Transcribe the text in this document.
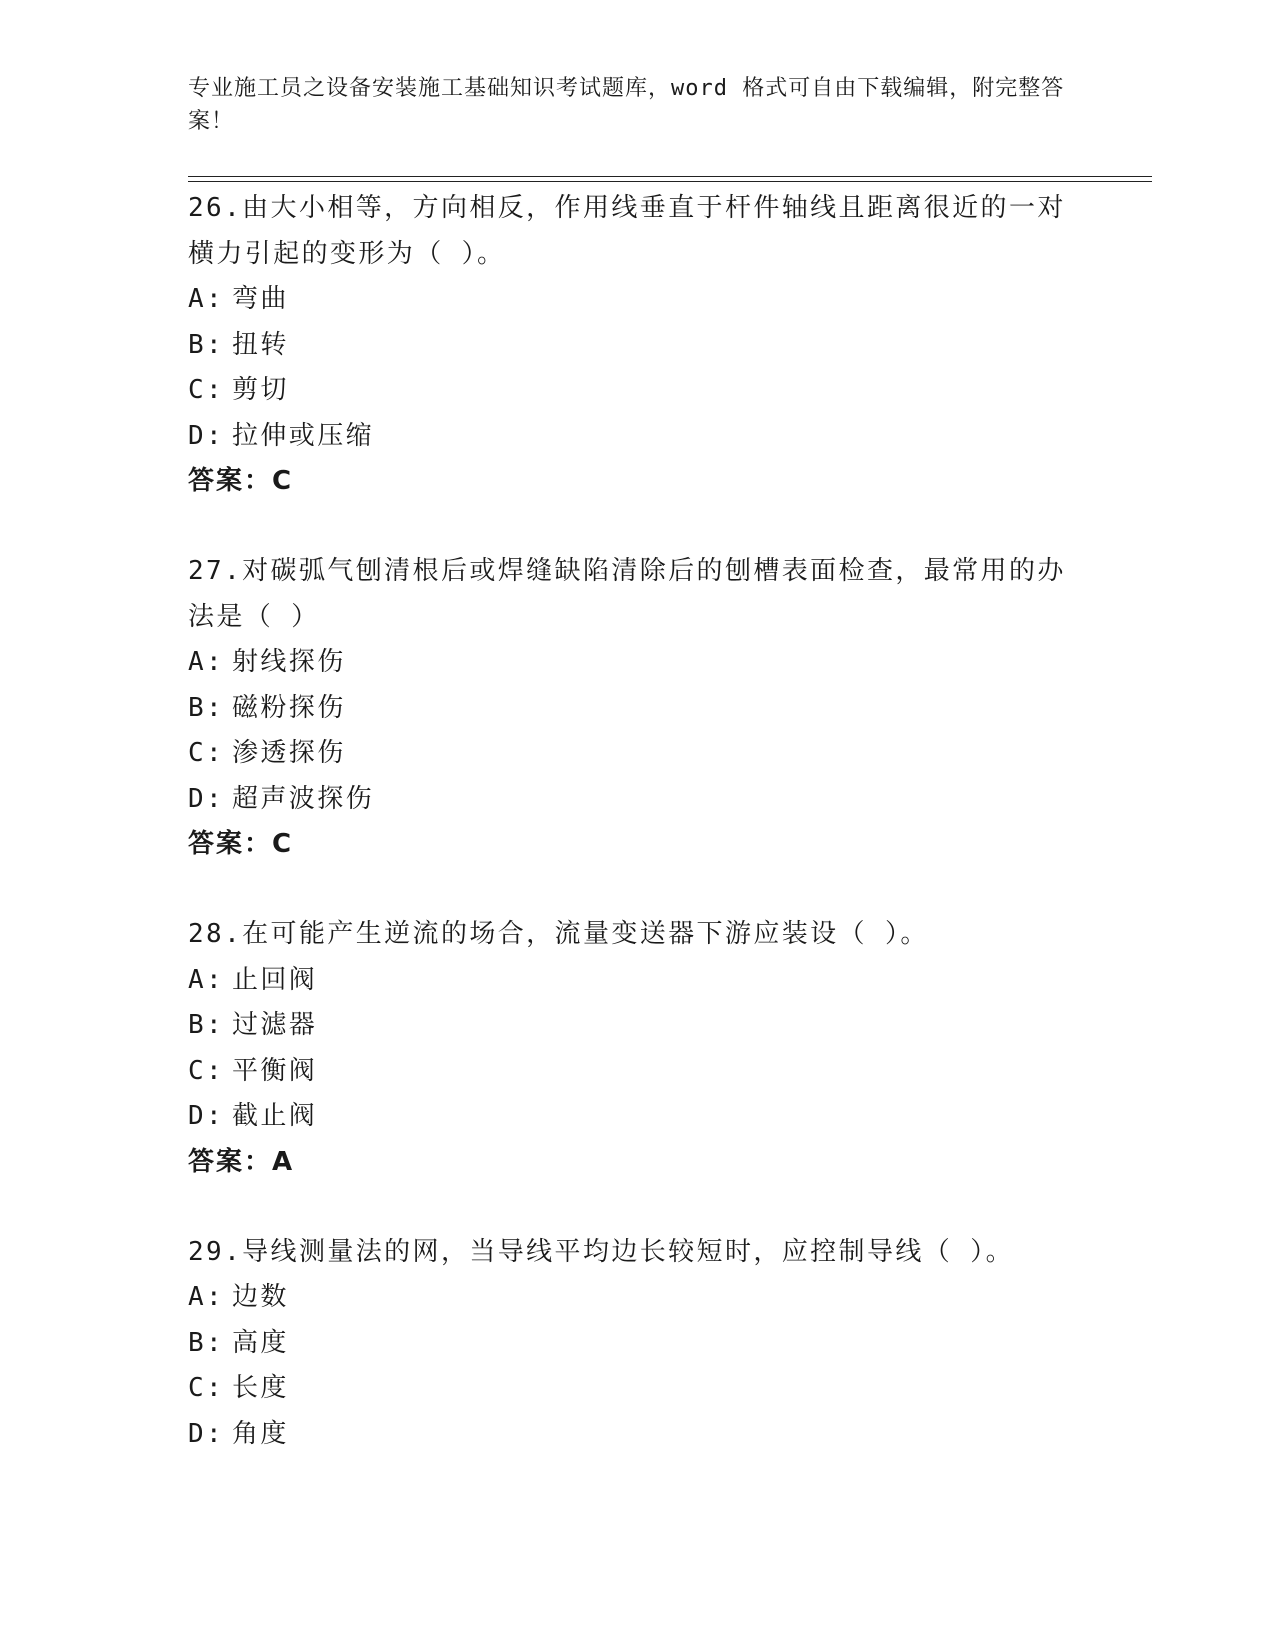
专业施工员之设备安装施工基础知识考试题库，word 格式可自由下载编辑，附完整答案！
26.由大小相等，方向相反，作用线垂直于杆件轴线且距离很近的一对横力引起的变形为（ ）。
A: 弯曲
B: 扭转
C: 剪切
D: 拉伸或压缩
答案：C
27.对碳弧气刨清根后或焊缝缺陷清除后的刨槽表面检查，最常用的办法是（ ）
A: 射线探伤
B: 磁粉探伤
C: 渗透探伤
D: 超声波探伤
答案：C
28.在可能产生逆流的场合，流量变送器下游应装设（ ）。
A: 止回阀
B: 过滤器
C: 平衡阀
D: 截止阀
答案：A
29.导线测量法的网，当导线平均边长较短时，应控制导线（ ）。
A: 边数
B: 高度
C: 长度
D: 角度
